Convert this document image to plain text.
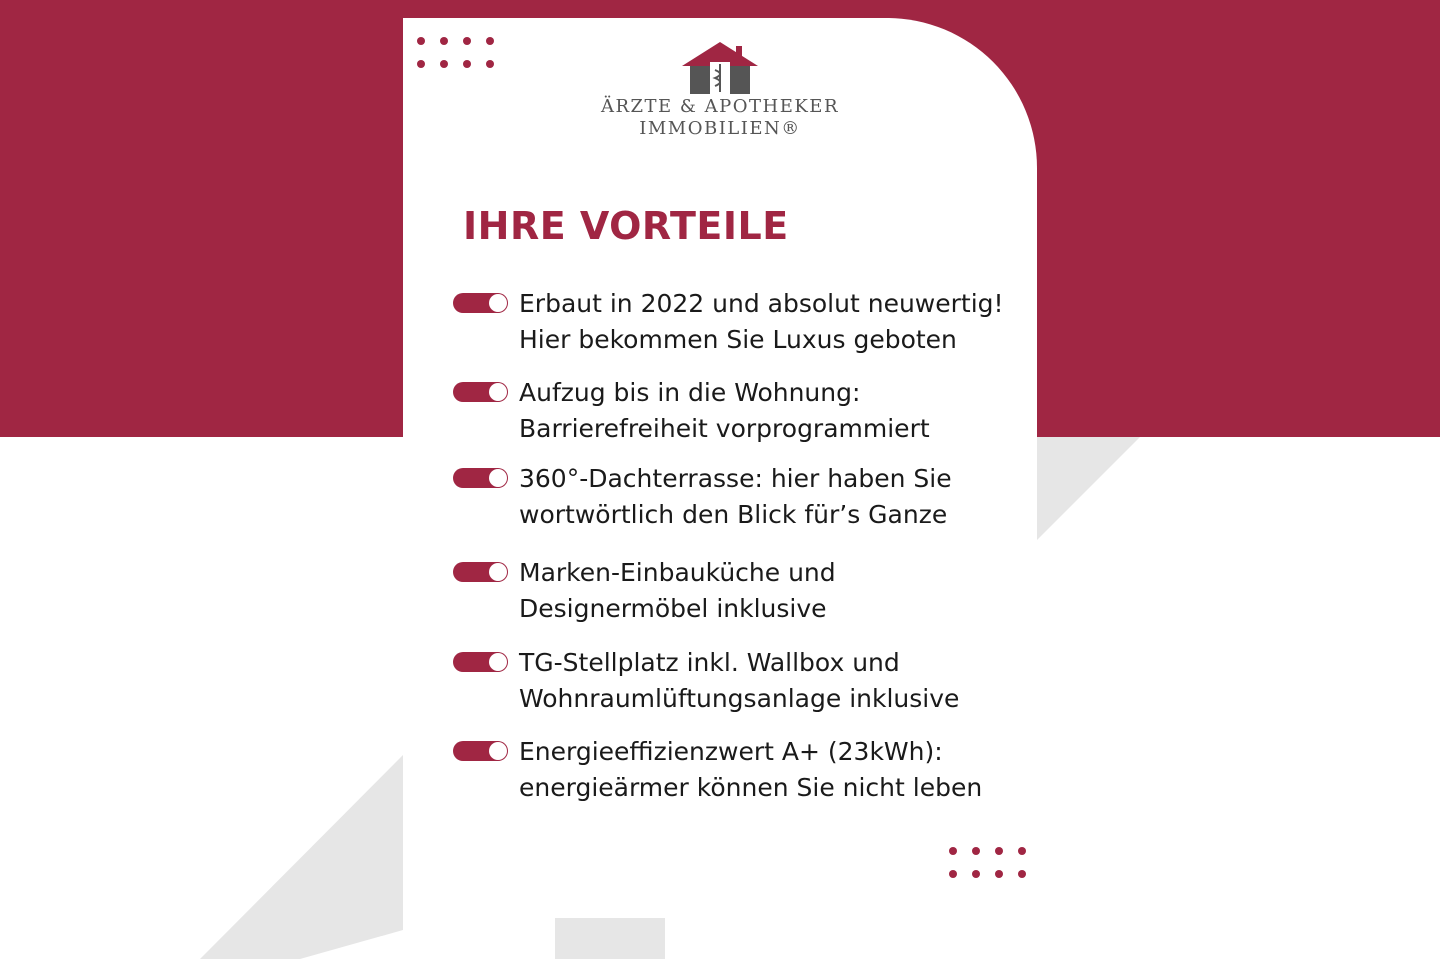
ÄRZTE & APOTHEKER
IMMOBILIEN®
IHRE VORTEILE
Erbaut in 2022 und absolut neuwertig!
Hier bekommen Sie Luxus geboten
Aufzug bis in die Wohnung:
Barrierefreiheit vorprogrammiert
360°-Dachterrasse: hier haben Sie
wortwörtlich den Blick für’s Ganze
Marken-Einbauküche und
Designermöbel inklusive
TG-Stellplatz inkl. Wallbox und
Wohnraumlüftungsanlage inklusive
Energieeffizienzwert A+ (23kWh):
energieärmer können Sie nicht leben
